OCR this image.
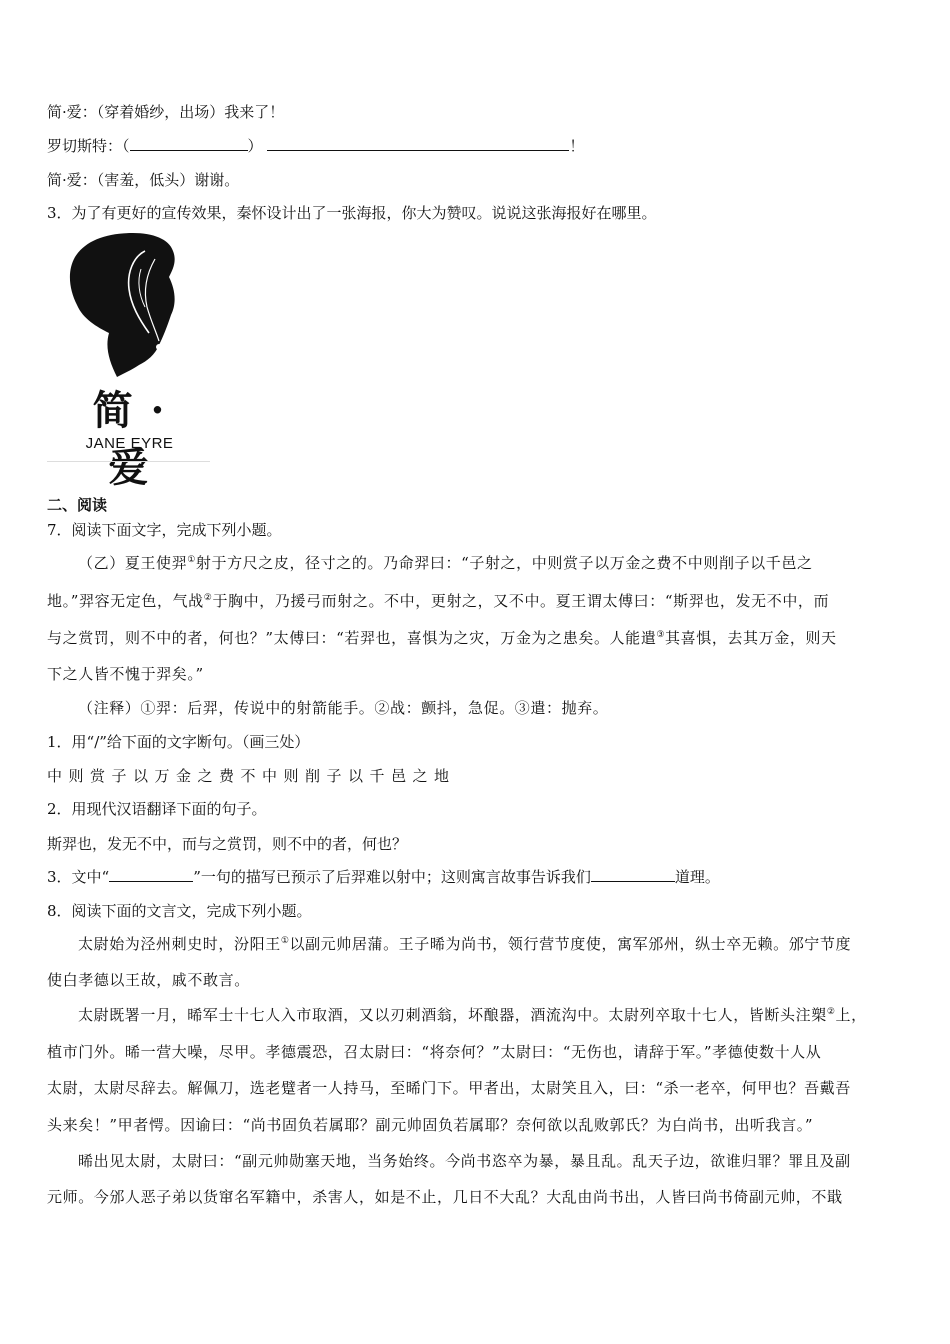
简·爱：（穿着婚纱，出场）我来了！
罗切斯特：（	）	！
简·爱：（害羞，低头）谢谢。
3．为了有更好的宣传效果，秦怀设计出了一张海报，你大为赞叹。说说这张海报好在哪里。
简 · 爱
JANE EYRE
二、阅读
7．阅读下面文字，完成下列小题。
（乙）夏王使羿①射于方尺之皮，径寸之的。乃命羿曰：“子射之，中则赏子以万金之费不中则削子以千邑之
地。”羿容无定色，气战②于胸中，乃援弓而射之。不中，更射之，又不中。夏王谓太傅曰：“斯羿也，发无不中，而
与之赏罚，则不中的者，何也？”太傅曰：“若羿也，喜惧为之灾，万金为之患矣。人能遣③其喜惧，去其万金，则天
下之人皆不愧于羿矣。”
（注释）①羿：后羿，传说中的射箭能手。②战：颤抖，急促。③遣：抛弃。
1．用“/”给下面的文字断句。（画三处）
中则赏子以万金之费不中则削子以千邑之地
2．用现代汉语翻译下面的句子。
斯羿也，发无不中，而与之赏罚，则不中的者，何也？
3．文中“	”一句的描写已预示了后羿难以射中；这则寓言故事告诉我们	道理。
8．阅读下面的文言文，完成下列小题。
太尉始为泾州刺史时，汾阳王①以副元帅居蒲。王子晞为尚书，领行营节度使，寓军邠州，纵士卒无赖。邠宁节度
使白孝德以王故，戚不敢言。
太尉既署一月，晞军士十七人入市取酒，又以刃刺酒翁，坏酿器，酒流沟中。太尉列卒取十七人，皆断头注槊②上，
植市门外。晞一营大噪，尽甲。孝德震恐，召太尉曰：“将奈何？”太尉曰：“无伤也，请辞于军。”孝德使数十人从
太尉，太尉尽辞去。解佩刀，选老躄者一人持马，至晞门下。甲者出，太尉笑且入，曰：“杀一老卒，何甲也？吾戴吾
头来矣！”甲者愕。因谕曰：“尚书固负若属耶？副元帅固负若属耶？奈何欲以乱败郭氏？为白尚书，出听我言。”
晞出见太尉，太尉曰：“副元帅勋塞天地，当务始终。今尚书恣卒为暴，暴且乱。乱天子边，欲谁归罪？罪且及副
元师。今邠人恶子弟以货窜名军籍中，杀害人，如是不止，几日不大乱？大乱由尚书出，人皆曰尚书倚副元帅，不戢
